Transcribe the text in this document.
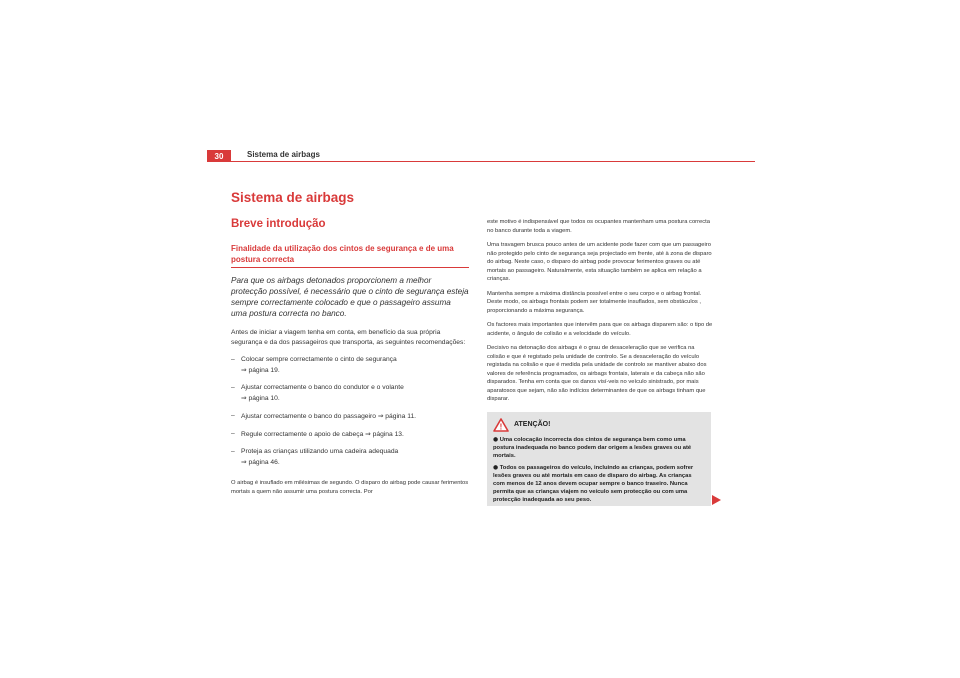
30	Sistema de airbags
Sistema de airbags
Breve introdução

Finalidade da utilização dos cintos de segurança e de uma postura correcta

Para que os airbags detonados proporcionem a melhor protecção possível, é necessário que o cinto de segurança esteja sempre correctamente colocado e que o passageiro assuma uma postura correcta no banco.

Antes de iniciar a viagem tenha em conta, em benefício da sua própria segurança e da dos passageiros que transporta, as seguintes recomendações:

– Colocar sempre correctamente o cinto de segurança
⇒ página 19.
– Ajustar correctamente o banco do condutor e o volante
⇒ página 10.
– Ajustar correctamente o banco do passageiro ⇒ página 11.
– Regule correctamente o apoio de cabeça ⇒ página 13.
– Proteja as crianças utilizando uma cadeira adequada
⇒ página 46.

O airbag é insuflado em milésimas de segundo. O disparo do airbag pode causar ferimentos mortais a quem não assumir uma postura correcta. Por

este motivo é indispensável que todos os ocupantes mantenham uma postura correcta no banco durante toda a viagem.

Uma travagem brusca pouco antes de um acidente pode fazer com que um passageiro não protegido pelo cinto de segurança seja projectado em frente, até à zona de disparo do airbag. Neste caso, o disparo do airbag pode provocar ferimentos graves ou até mortais ao passageiro. Naturalmente, esta situação também se aplica em relação a crianças.

Mantenha sempre a máxima distância possível entre o seu corpo e o airbag frontal. Deste modo, os airbags frontais podem ser totalmente insuflados, sem obstáculos , proporcionando a máxima segurança.

Os factores mais importantes que intervêm para que os airbags disparem são: o tipo de acidente, o ângulo de colisão e a velocidade do veículo.

Decisivo na detonação dos airbags é o grau de desaceleração que se verifica na colisão e que é registado pela unidade de controlo. Se a desaceleração do veículo registada na colisão e que é medida pela unidade de controlo se mantiver abaixo dos valores de referência programados, os airbags frontais, laterais e da cabeça não são disparados. Tenha em conta que os danos visí-veis no veículo sinistrado, por mais aparatosos que sejam, não são indícios determinantes de que os airbags tinham que disparar.

! ATENÇÃO!
● Uma colocação incorrecta dos cintos de segurança bem como uma postura inadequada no banco podem dar origem a lesões graves ou até mortais.
● Todos os passageiros do veículo, incluindo as crianças, podem sofrer lesões graves ou até mortais em caso de disparo do airbag. As crianças com menos de 12 anos devem ocupar sempre o banco traseiro. Nunca permita que as crianças viajem no veículo sem protecção ou com uma protecção inadequada ao seu peso.
